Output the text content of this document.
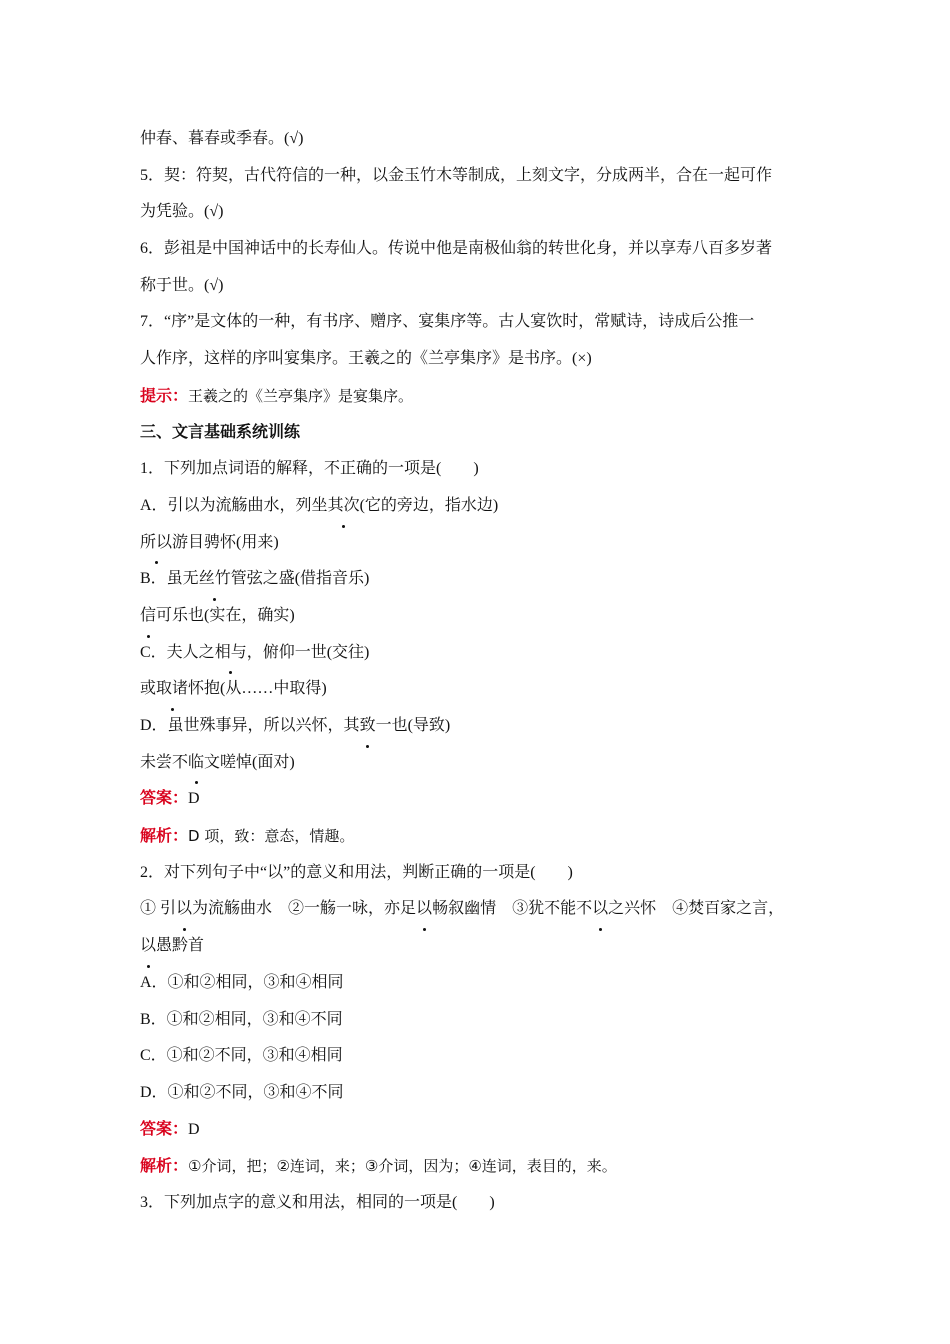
仲春、暮春或季春。(√)
5．契：符契，古代符信的一种，以金玉竹木等制成，上刻文字，分成两半，合在一起可作
为凭验。(√)
6．彭祖是中国神话中的长寿仙人。传说中他是南极仙翁的转世化身，并以享寿八百多岁著
称于世。(√)
7．“序”是文体的一种，有书序、赠序、宴集序等。古人宴饮时，常赋诗，诗成后公推一
人作序，这样的序叫宴集序。王羲之的《兰亭集序》是书序。(×)
提示：王羲之的《兰亭集序》是宴集序。
三、文言基础系统训练
1．下列加点词语的解释，不正确的一项是(　　)
A．引以为流觞曲水，列坐其次(它的旁边，指水边)
所以游目骋怀(用来)
B．虽无丝竹管弦之盛(借指音乐)
信可乐也(实在，确实)
C．夫人之相与，俯仰一世(交往)
或取诸怀抱(从……中取得)
D．虽世殊事异，所以兴怀，其致一也(导致)
未尝不临文嗟悼(面对)
答案：D
解析：D 项，致：意态，情趣。
2．对下列句子中“以”的意义和用法，判断正确的一项是(　　)
① 引以为流觞曲水　②一觞一咏，亦足以畅叙幽情　③犹不能不以之兴怀　④焚百家之言，
以愚黔首
A．①和②相同，③和④相同
B．①和②相同，③和④不同
C．①和②不同，③和④相同
D．①和②不同，③和④不同
答案：D
解析：①介词，把；②连词，来；③介词，因为；④连词，表目的，来。
3．下列加点字的意义和用法，相同的一项是(　　)
